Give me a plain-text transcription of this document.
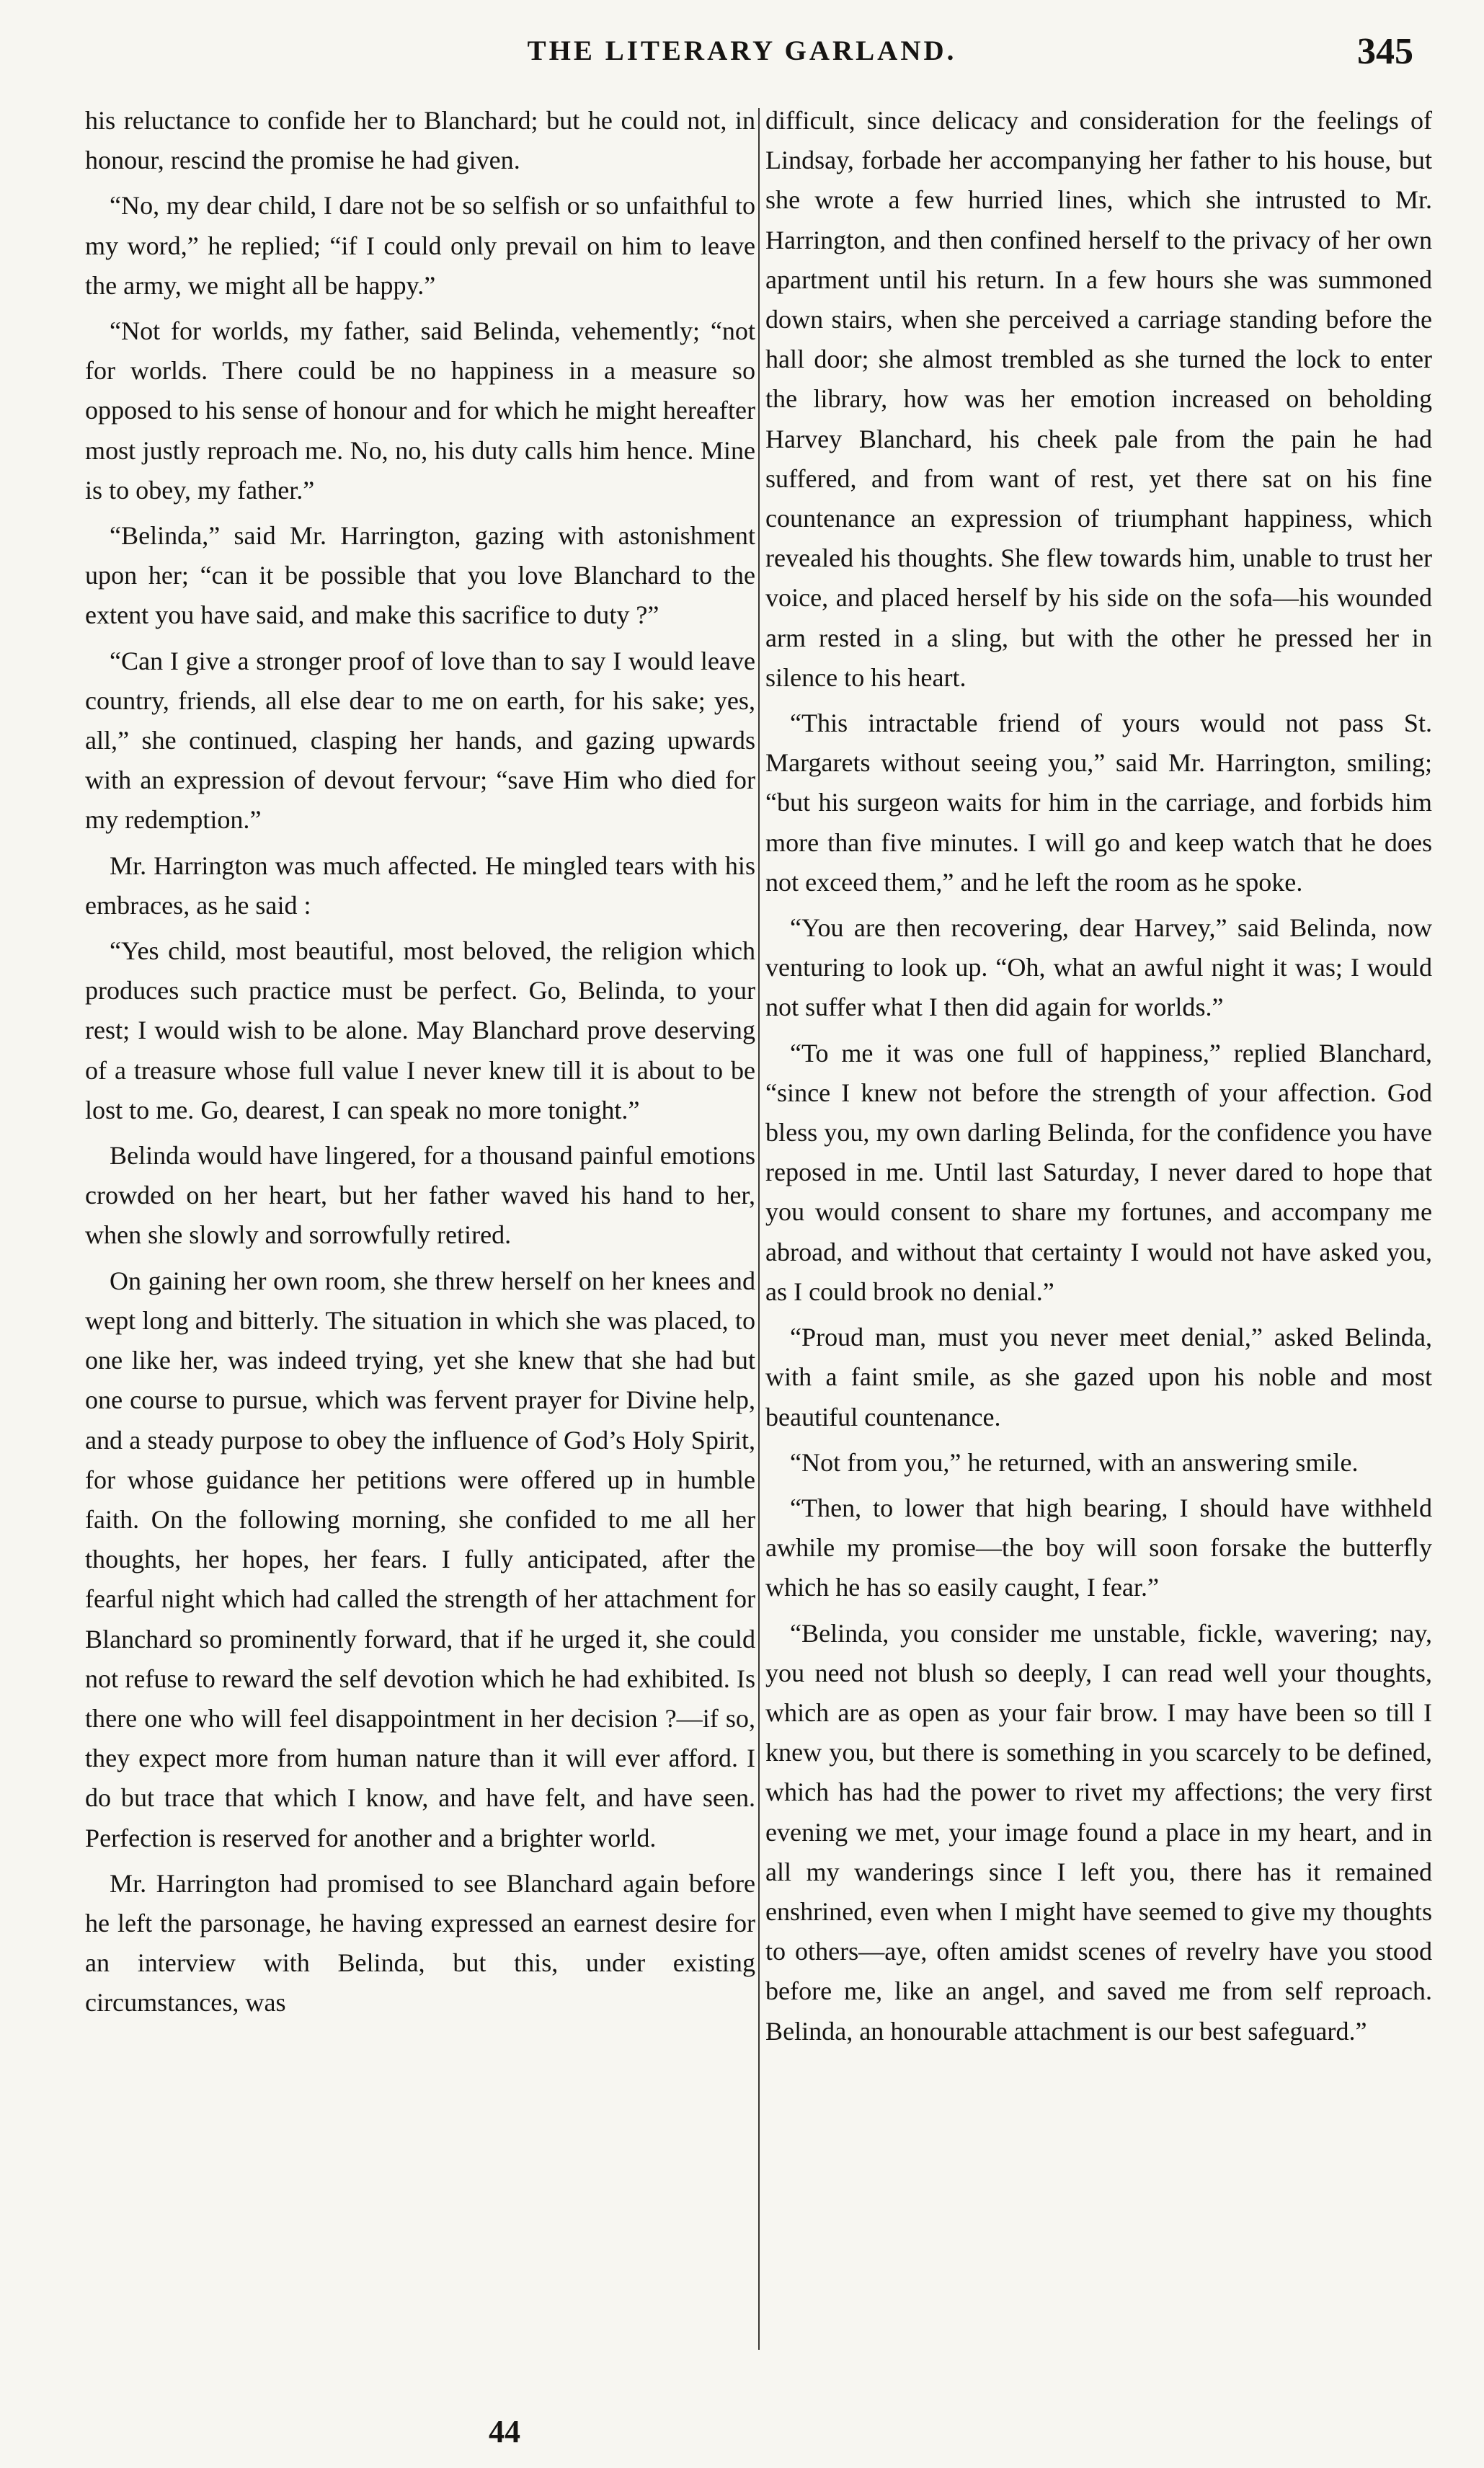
THE LITERARY GARLAND.	345

his reluctance to confide her to Blanchard; but he could not, in honour, rescind the promise he had given.

“No, my dear child, I dare not be so selfish or so unfaithful to my word,” he replied; “if I could only prevail on him to leave the army, we might all be happy.”

“Not for worlds, my father, said Belinda, vehemently; “not for worlds. There could be no happiness in a measure so opposed to his sense of honour and for which he might hereafter most justly reproach me. No, no, his duty calls him hence. Mine is to obey, my father.”

“Belinda,” said Mr. Harrington, gazing with astonishment upon her; “can it be possible that you love Blanchard to the extent you have said, and make this sacrifice to duty ?”

“Can I give a stronger proof of love than to say I would leave country, friends, all else dear to me on earth, for his sake; yes, all,” she continued, clasping her hands, and gazing upwards with an expression of devout fervour; “save Him who died for my redemption.”

Mr. Harrington was much affected. He mingled tears with his embraces, as he said :

“Yes child, most beautiful, most beloved, the religion which produces such practice must be perfect. Go, Belinda, to your rest; I would wish to be alone. May Blanchard prove deserving of a treasure whose full value I never knew till it is about to be lost to me. Go, dearest, I can speak no more tonight.”

Belinda would have lingered, for a thousand painful emotions crowded on her heart, but her father waved his hand to her, when she slowly and sorrowfully retired.

On gaining her own room, she threw herself on her knees and wept long and bitterly. The situation in which she was placed, to one like her, was indeed trying, yet she knew that she had but one course to pursue, which was fervent prayer for Divine help, and a steady purpose to obey the influence of God’s Holy Spirit, for whose guidance her petitions were offered up in humble faith. On the following morning, she confided to me all her thoughts, her hopes, her fears. I fully anticipated, after the fearful night which had called the strength of her attachment for Blanchard so prominently forward, that if he urged it, she could not refuse to reward the self devotion which he had exhibited. Is there one who will feel disappointment in her decision ?—if so, they expect more from human nature than it will ever afford. I do but trace that which I know, and have felt, and have seen. Perfection is reserved for another and a brighter world.

Mr. Harrington had promised to see Blanchard again before he left the parsonage, he having expressed an earnest desire for an interview with Belinda, but this, under existing circumstances, was

difficult, since delicacy and consideration for the feelings of Lindsay, forbade her accompanying her father to his house, but she wrote a few hurried lines, which she intrusted to Mr. Harrington, and then confined herself to the privacy of her own apartment until his return. In a few hours she was summoned down stairs, when she perceived a carriage standing before the hall door; she almost trembled as she turned the lock to enter the library, how was her emotion increased on beholding Harvey Blanchard, his cheek pale from the pain he had suffered, and from want of rest, yet there sat on his fine countenance an expression of triumphant happiness, which revealed his thoughts. She flew towards him, unable to trust her voice, and placed herself by his side on the sofa—his wounded arm rested in a sling, but with the other he pressed her in silence to his heart.

“This intractable friend of yours would not pass St. Margarets without seeing you,” said Mr. Harrington, smiling; “but his surgeon waits for him in the carriage, and forbids him more than five minutes. I will go and keep watch that he does not exceed them,” and he left the room as he spoke.

“You are then recovering, dear Harvey,” said Belinda, now venturing to look up. “Oh, what an awful night it was; I would not suffer what I then did again for worlds.”

“To me it was one full of happiness,” replied Blanchard, “since I knew not before the strength of your affection. God bless you, my own darling Belinda, for the confidence you have reposed in me. Until last Saturday, I never dared to hope that you would consent to share my fortunes, and accompany me abroad, and without that certainty I would not have asked you, as I could brook no denial.”

“Proud man, must you never meet denial,” asked Belinda, with a faint smile, as she gazed upon his noble and most beautiful countenance.

“Not from you,” he returned, with an answering smile.

“Then, to lower that high bearing, I should have withheld awhile my promise—the boy will soon forsake the butterfly which he has so easily caught, I fear.”

“Belinda, you consider me unstable, fickle, wavering; nay, you need not blush so deeply, I can read well your thoughts, which are as open as your fair brow. I may have been so till I knew you, but there is something in you scarcely to be defined, which has had the power to rivet my affections; the very first evening we met, your image found a place in my heart, and in all my wanderings since I left you, there has it remained enshrined, even when I might have seemed to give my thoughts to others—aye, often amidst scenes of revelry have you stood before me, like an angel, and saved me from self reproach. Belinda, an honourable attachment is our best safeguard.”

44
